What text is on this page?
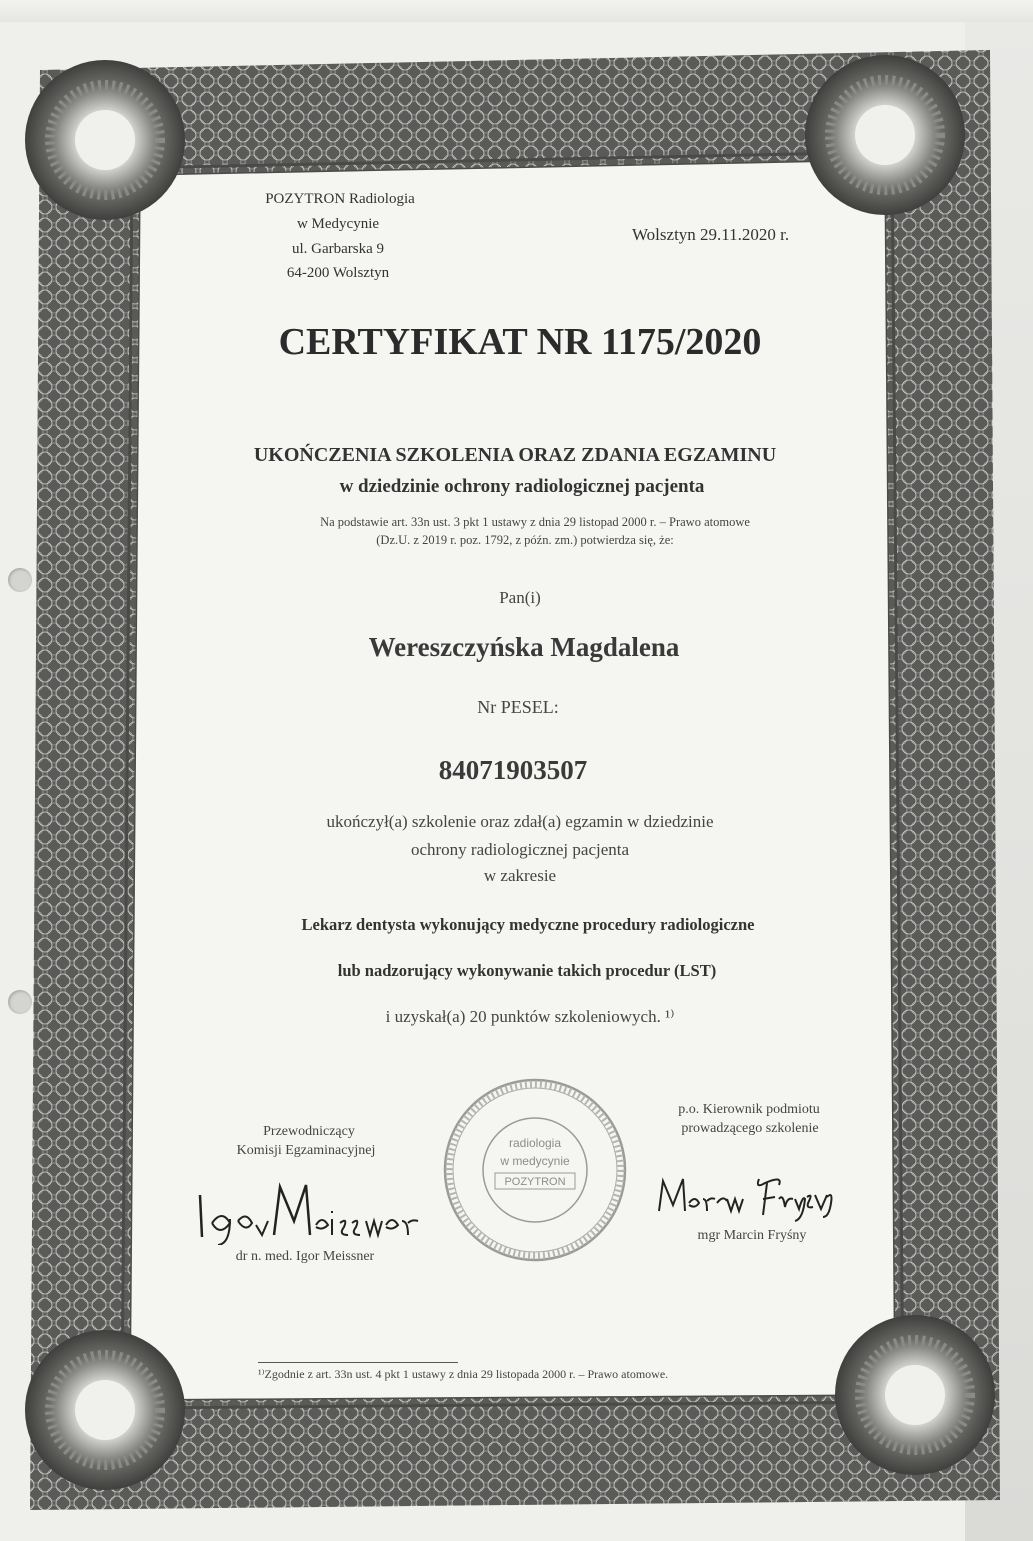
POZYTRON Radiologia
w Medycynie
ul. Garbarska 9
64-200 Wolsztyn
Wolsztyn 29.11.2020 r.
CERTYFIKAT NR 1175/2020
UKOŃCZENIA SZKOLENIA ORAZ ZDANIA EGZAMINU
w dziedzinie ochrony radiologicznej pacjenta
Na podstawie art. 33n ust. 3 pkt 1 ustawy z dnia 29 listopad 2000 r. – Prawo atomowe
(Dz.U. z 2019 r. poz. 1792, z późn. zm.) potwierdza się, że:
Pan(i)
Wereszczyńska Magdalena
Nr PESEL:
84071903507
ukończył(a) szkolenie oraz zdał(a) egzamin w dziedzinie
ochrony radiologicznej pacjenta
w zakresie
Lekarz dentysta wykonujący medyczne procedury radiologiczne
lub nadzorujący wykonywanie takich procedur (LST)
i uzyskał(a) 20 punktów szkoleniowych. ¹⁾
Przewodniczący
Komisji Egzaminacyjnej
dr n. med. Igor Meissner
radiologia
w medycynie
POZYTRON
p.o. Kierownik podmiotu
prowadzącego szkolenie
mgr Marcin Fryśny
¹⁾Zgodnie z art. 33n ust. 4 pkt 1 ustawy z dnia 29 listopada 2000 r. – Prawo atomowe.
